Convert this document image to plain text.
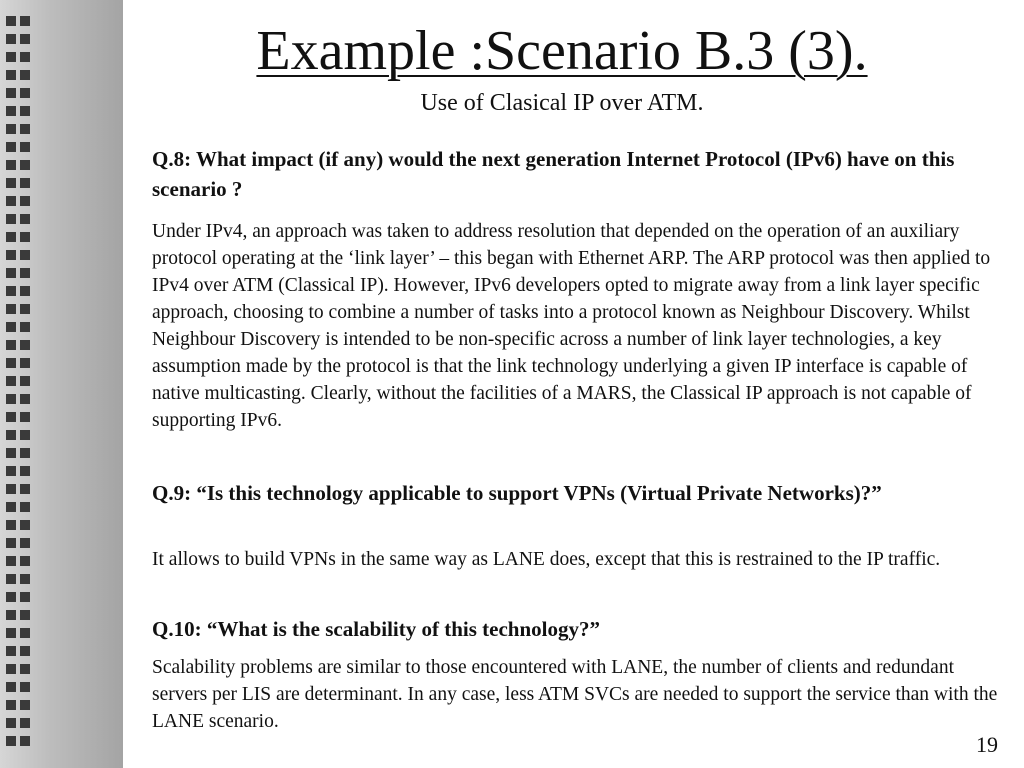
Example :Scenario B.3 (3).
Use of Clasical IP over ATM.
Q.8: What impact (if any) would the next generation Internet Protocol (IPv6) have on this scenario ?
Under IPv4, an approach was taken to address resolution that depended on the operation of an auxiliary protocol operating at the ‘link layer’ – this began with Ethernet ARP. The ARP protocol was then applied to IPv4 over ATM (Classical IP). However, IPv6 developers opted to migrate away from a link layer specific approach, choosing to combine a number of tasks into a protocol known as Neighbour Discovery. Whilst Neighbour Discovery is intended to be non-specific across a number of link layer technologies, a key assumption made by the protocol is that the link technology underlying a given IP interface is capable of native multicasting. Clearly, without the facilities of a MARS, the Classical IP approach is not capable of supporting IPv6.
Q.9: “Is this technology applicable to support VPNs (Virtual Private Networks)?”
It allows to build VPNs in the same way as LANE does, except that this is restrained to the IP traffic.
Q.10: “What is the scalability of this technology?”
Scalability problems are similar to those encountered with LANE, the number of clients and redundant servers per LIS are determinant. In any case, less ATM SVCs are needed to support the service than with the LANE scenario.
19
